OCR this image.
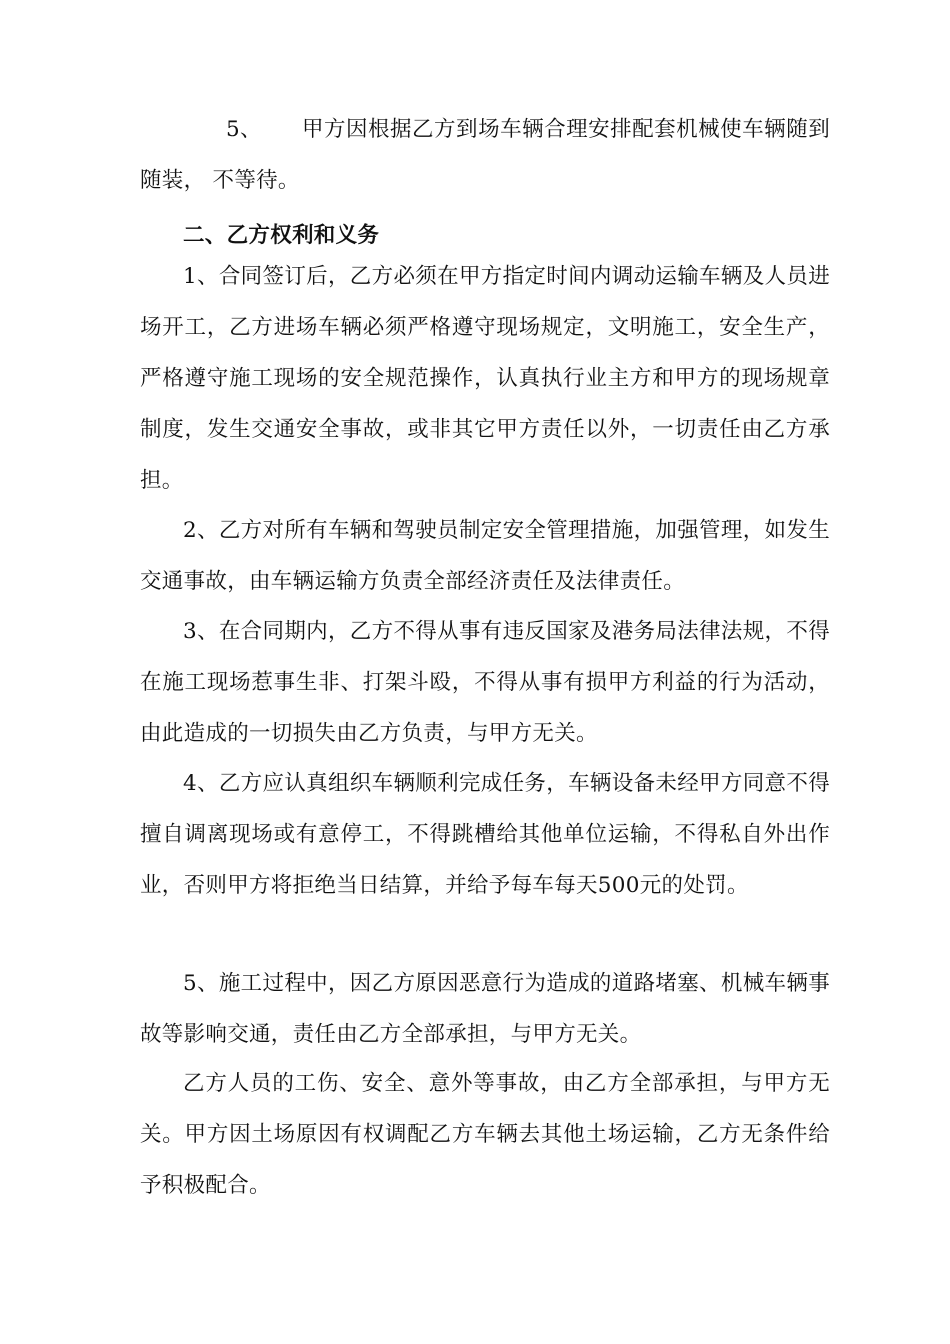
5、 甲方因根据乙方到场车辆合理安排配套机械使车辆随到随装， 不等待。

二、乙方权利和义务

1、合同签订后，乙方必须在甲方指定时间内调动运输车辆及人员进场开工，乙方进场车辆必须严格遵守现场规定，文明施工，安全生产，严格遵守施工现场的安全规范操作，认真执行业主方和甲方的现场规章制度，发生交通安全事故，或非其它甲方责任以外，一切责任由乙方承担。

2、乙方对所有车辆和驾驶员制定安全管理措施，加强管理，如发生交通事故，由车辆运输方负责全部经济责任及法律责任。

3、在合同期内，乙方不得从事有违反国家及港务局法律法规，不得在施工现场惹事生非、打架斗殴，不得从事有损甲方利益的行为活动，由此造成的一切损失由乙方负责，与甲方无关。

4、乙方应认真组织车辆顺利完成任务，车辆设备未经甲方同意不得擅自调离现场或有意停工，不得跳槽给其他单位运输，不得私自外出作业，否则甲方将拒绝当日结算，并给予每车每天500元的处罚。

5、施工过程中，因乙方原因恶意行为造成的道路堵塞、机械车辆事故等影响交通，责任由乙方全部承担，与甲方无关。

乙方人员的工伤、安全、意外等事故，由乙方全部承担，与甲方无关。甲方因土场原因有权调配乙方车辆去其他土场运输，乙方无条件给予积极配合。
